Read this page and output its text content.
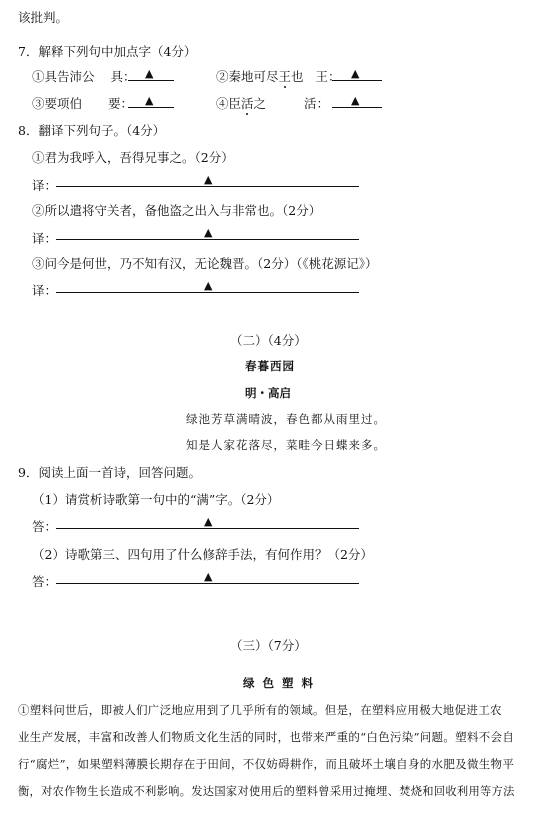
该批判。
7．解释下列句中加点字（4分）
①具告沛公 具： ▲	②秦地可尽王也 王： ▲
③要项伯 要： ▲	④臣活之	活： ▲
8．翻译下列句子。（4分）
①君为我呼入，吾得兄事之。（2分）
译：	▲
②所以遣将守关者，备他盗之出入与非常也。（2分）
译：	▲
③问今是何世，乃不知有汉，无论魏晋。（2分）（《桃花源记》）
译：	▲
（二）（4分）
春暮西园
明・高启
绿池芳草满晴波，春色都从雨里过。
知是人家花落尽，菜畦今日蝶来多。
9．阅读上面一首诗，回答问题。
（1）请赏析诗歌第一句中的“满”字。（2分）
答：	▲
（2）诗歌第三、四句用了什么修辞手法，有何作用？（2分）
答：	▲
（三）（7分）
绿 色 塑 料
①塑料问世后，即被人们广泛地应用到了几乎所有的领域。但是，在塑料应用极大地促进工农
业生产发展，丰富和改善人们物质文化生活的同时，也带来严重的“白色污染”问题。塑料不会自
行“腐烂”，如果塑料薄膜长期存在于田间，不仅妨碍耕作，而且破坏土壤自身的水肥及微生物平
衡，对农作物生长造成不利影响。发达国家对使用后的塑料曾采用过掩埋、焚烧和回收利用等方法
